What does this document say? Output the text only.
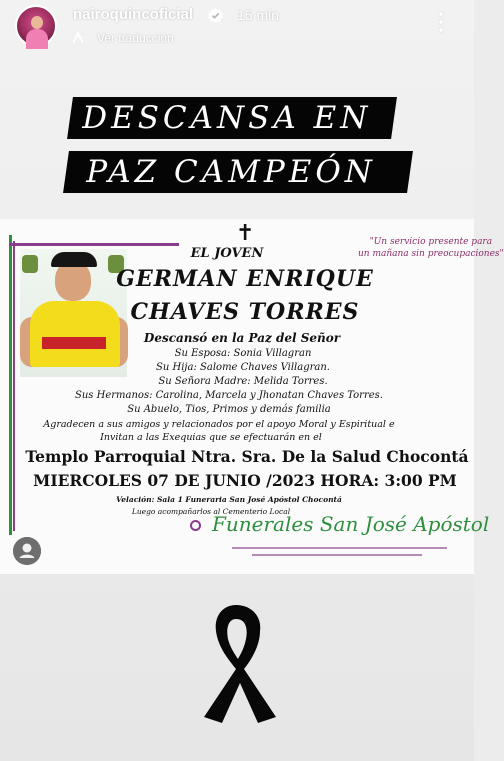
nairoquincoficial	15 min
Ver traducción
DESCANSA EN
PAZ CAMPEÓN
✝	"Un servicio presente para
un mañana sin preocupaciones"
EL JOVEN
GERMAN ENRIQUE
CHAVES TORRES
Descansó en la Paz del Señor
Su Esposa: Sonia Villagran
Su Hija: Salome Chaves Villagran.
Su Señora Madre: Melida Torres.
Sus Hermanos: Carolina, Marcela y Jhonatan Chaves Torres.
Su Abuelo, Tios, Primos y demás familia
Agradecen a sus amigos y relacionados por el apoyo Moral y Espiritual e
Invitan a las Exequias que se efectuarán en el
Templo Parroquial Ntra. Sra. De la Salud Chocontá
MIERCOLES 07 DE JUNIO /2023 HORA: 3:00 PM
Velación: Sala 1 Funeraria San José Apóstol Chocontá
Luego acompañarlos al Cementerio Local
Funerales San José Apóstol
